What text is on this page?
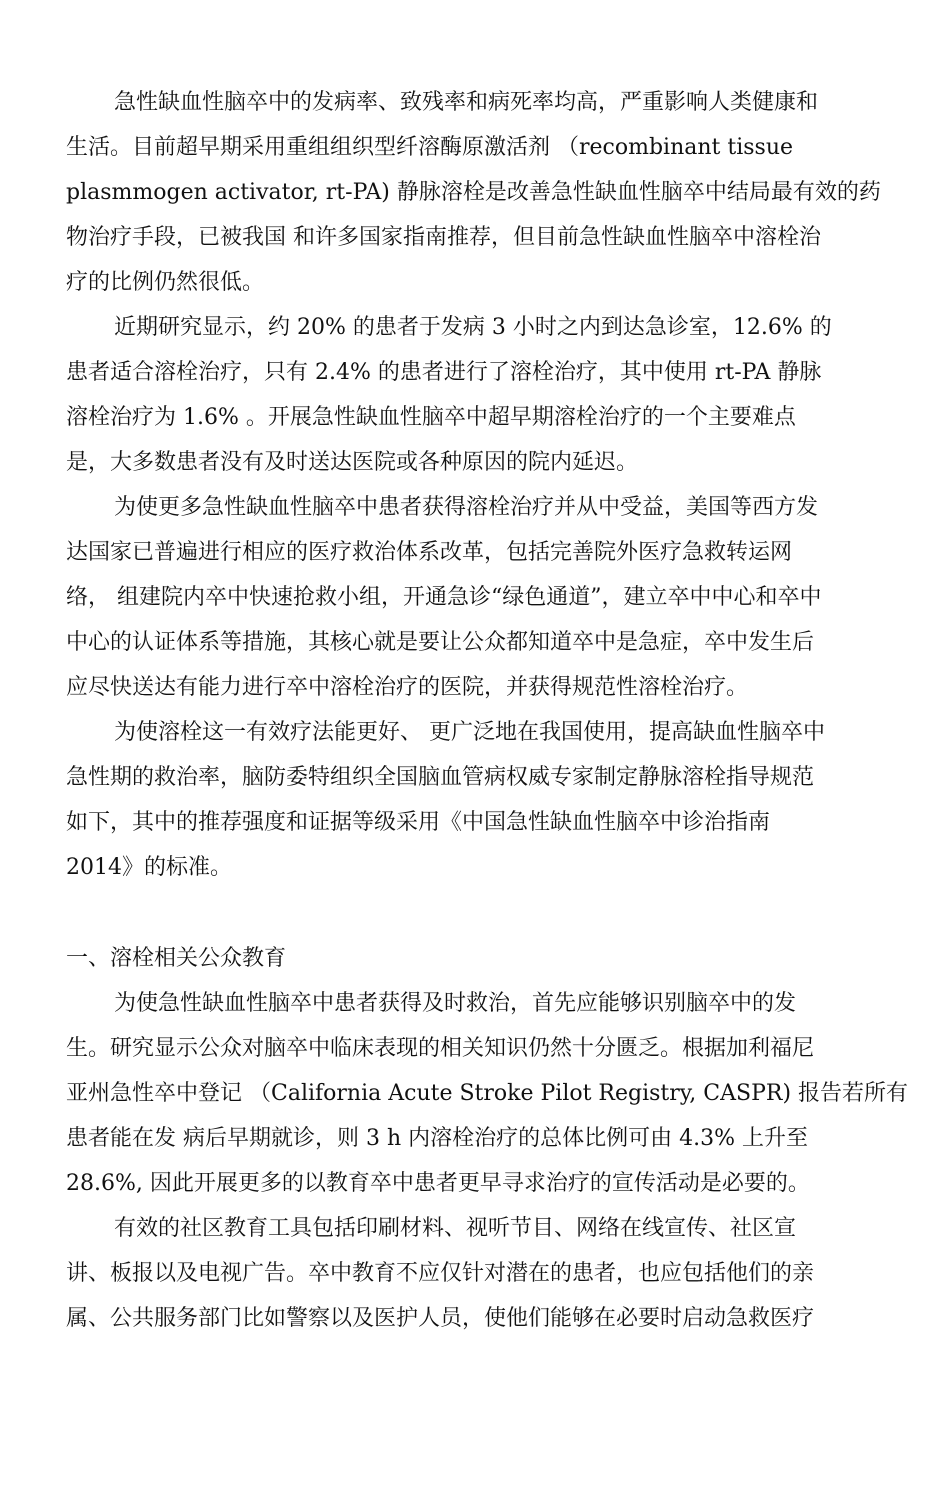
急性缺血性脑卒中的发病率、致残率和病死率均高，严重影响人类健康和
生活。目前超早期采用重组组织型纤溶酶原激活剂 （recombinant tissue
plasmmogen activator, rt-PA) 静脉溶栓是改善急性缺血性脑卒中结局最有效的药
物治疗手段，已被我国 和许多国家指南推荐，但目前急性缺血性脑卒中溶栓治
疗的比例仍然很低。
近期研究显示，约 20% 的患者于发病 3 小时之内到达急诊室，12.6% 的
患者适合溶栓治疗，只有 2.4% 的患者进行了溶栓治疗，其中使用 rt-PA 静脉
溶栓治疗为 1.6% 。开展急性缺血性脑卒中超早期溶栓治疗的一个主要难点
是，大多数患者没有及时送达医院或各种原因的院内延迟。
为使更多急性缺血性脑卒中患者获得溶栓治疗并从中受益，美国等西方发
达国家已普遍进行相应的医疗救治体系改革，包括完善院外医疗急救转运网
络， 组建院内卒中快速抢救小组，开通急诊“绿色通道”，建立卒中中心和卒中
中心的认证体系等措施，其核心就是要让公众都知道卒中是急症，卒中发生后
应尽快送达有能力进行卒中溶栓治疗的医院，并获得规范性溶栓治疗。
为使溶栓这一有效疗法能更好、 更广泛地在我国使用，提高缺血性脑卒中
急性期的救治率，脑防委特组织全国脑血管病权威专家制定静脉溶栓指导规范
如下，其中的推荐强度和证据等级采用《中国急性缺血性脑卒中诊治指南
2014》的标准。
一、溶栓相关公众教育
为使急性缺血性脑卒中患者获得及时救治，首先应能够识别脑卒中的发
生。研究显示公众对脑卒中临床表现的相关知识仍然十分匮乏。根据加利福尼
亚州急性卒中登记 （California Acute Stroke Pilot Registry, CASPR) 报告若所有
患者能在发 病后早期就诊，则 3 h 内溶栓治疗的总体比例可由 4.3% 上升至
28.6%, 因此开展更多的以教育卒中患者更早寻求治疗的宣传活动是必要的。
有效的社区教育工具包括印刷材料、视听节目、网络在线宣传、社区宣
讲、板报以及电视广告。卒中教育不应仅针对潜在的患者，也应包括他们的亲
属、公共服务部门比如警察以及医护人员，使他们能够在必要时启动急救医疗
